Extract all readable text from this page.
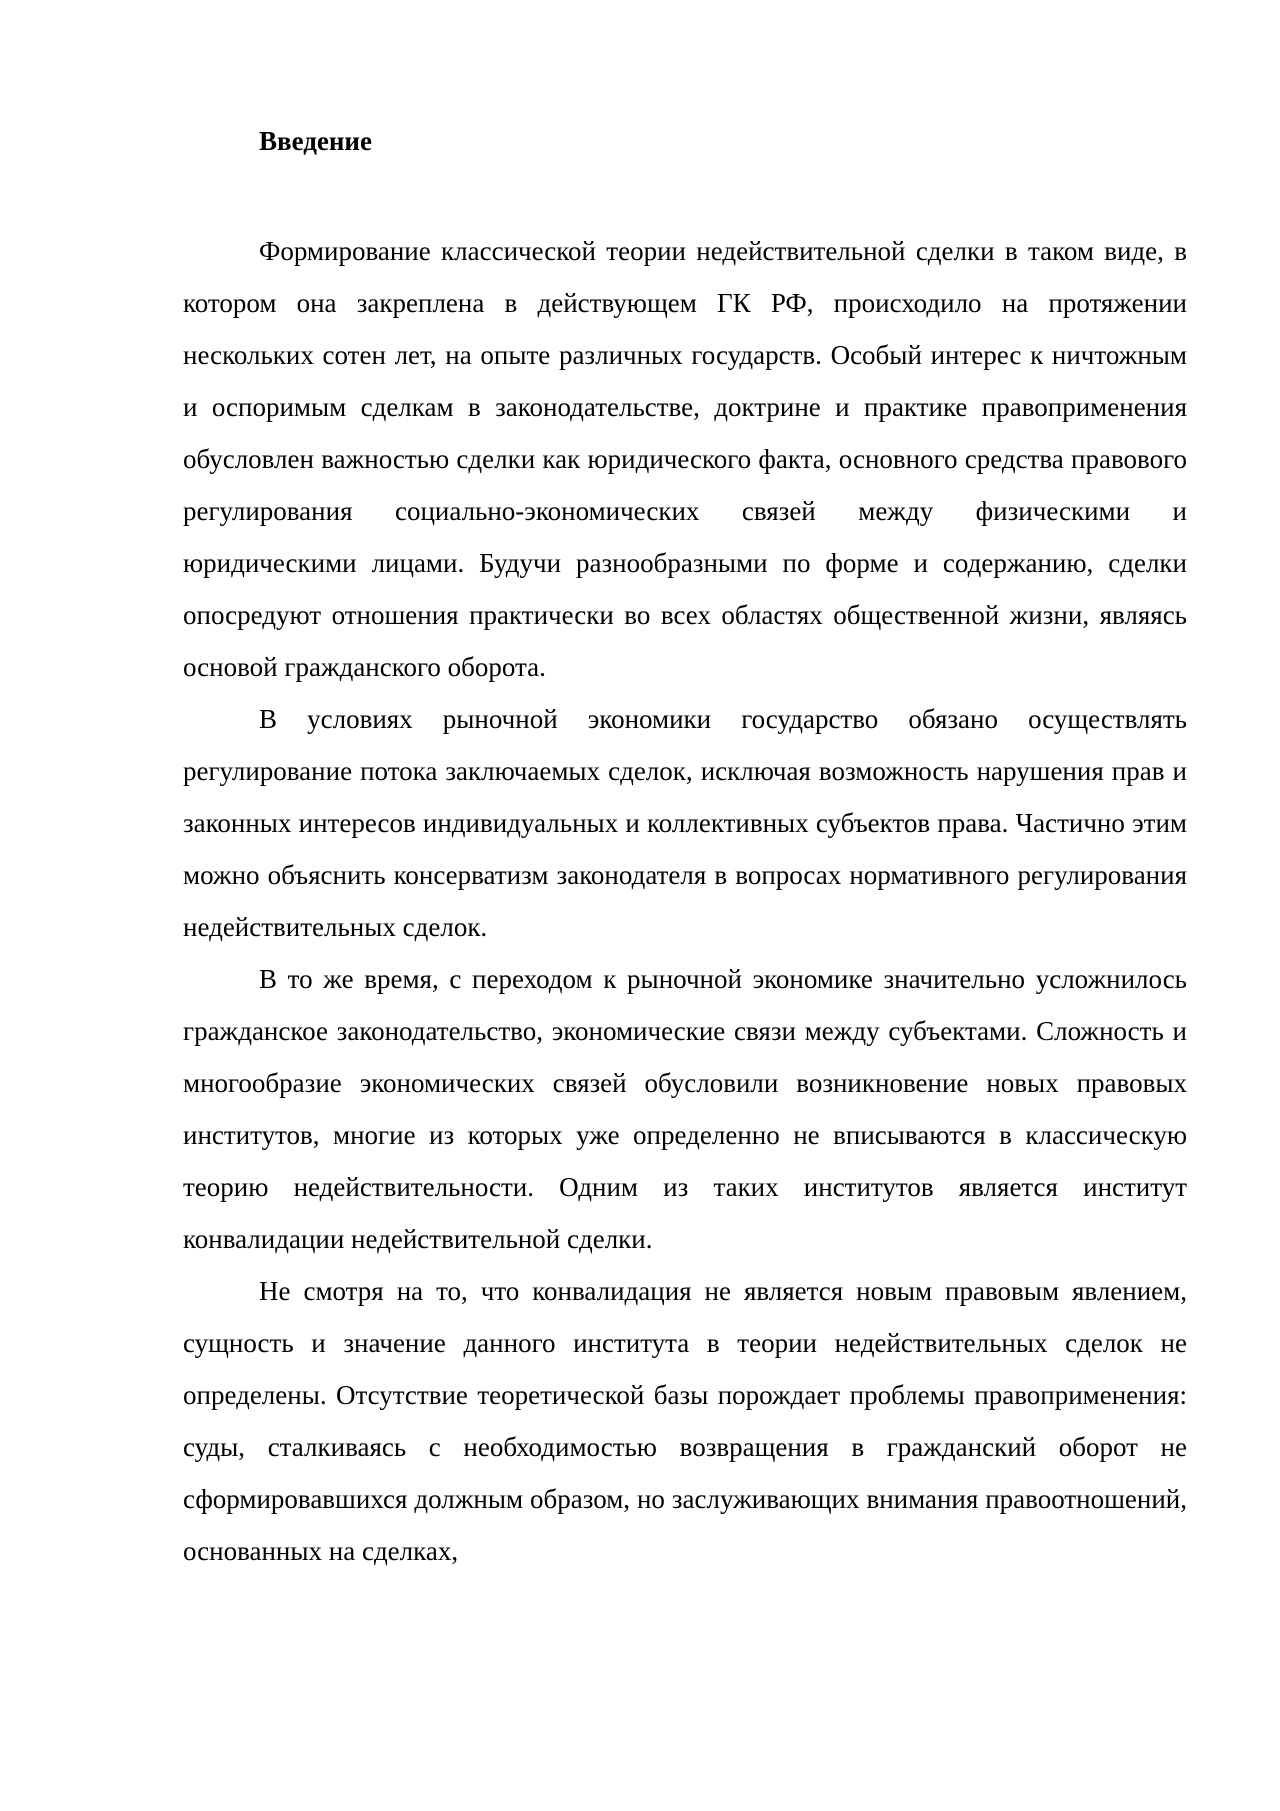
Введение

Формирование классической теории недействительной сделки в таком виде, в котором она закреплена в действующем ГК РФ, происходило на протяжении нескольких сотен лет, на опыте различных государств. Особый интерес к ничтожным и оспоримым сделкам в законодательстве, доктрине и практике правоприменения обусловлен важностью сделки как юридического факта, основного средства правового регулирования социально-экономических связей между физическими и юридическими лицами. Будучи разнообразными по форме и содержанию, сделки опосредуют отношения практически во всех областях общественной жизни, являясь основой гражданского оборота.

В условиях рыночной экономики государство обязано осуществлять регулирование потока заключаемых сделок, исключая возможность нарушения прав и законных интересов индивидуальных и коллективных субъектов права. Частично этим можно объяснить консерватизм законодателя в вопросах нормативного регулирования недействительных сделок.

В то же время, с переходом к рыночной экономике значительно усложнилось гражданское законодательство, экономические связи между субъектами. Сложность и многообразие экономических связей обусловили возникновение новых правовых институтов, многие из которых уже определенно не вписываются в классическую теорию недействительности. Одним из таких институтов является институт конвалидации недействительной сделки.

Не смотря на то, что конвалидация не является новым правовым явлением, сущность и значение данного института в теории недействительных сделок не определены. Отсутствие теоретической базы порождает проблемы правоприменения: суды, сталкиваясь с необходимостью возвращения в гражданский оборот не сформировавшихся должным образом, но заслуживающих внимания правоотношений, основанных на сделках,
